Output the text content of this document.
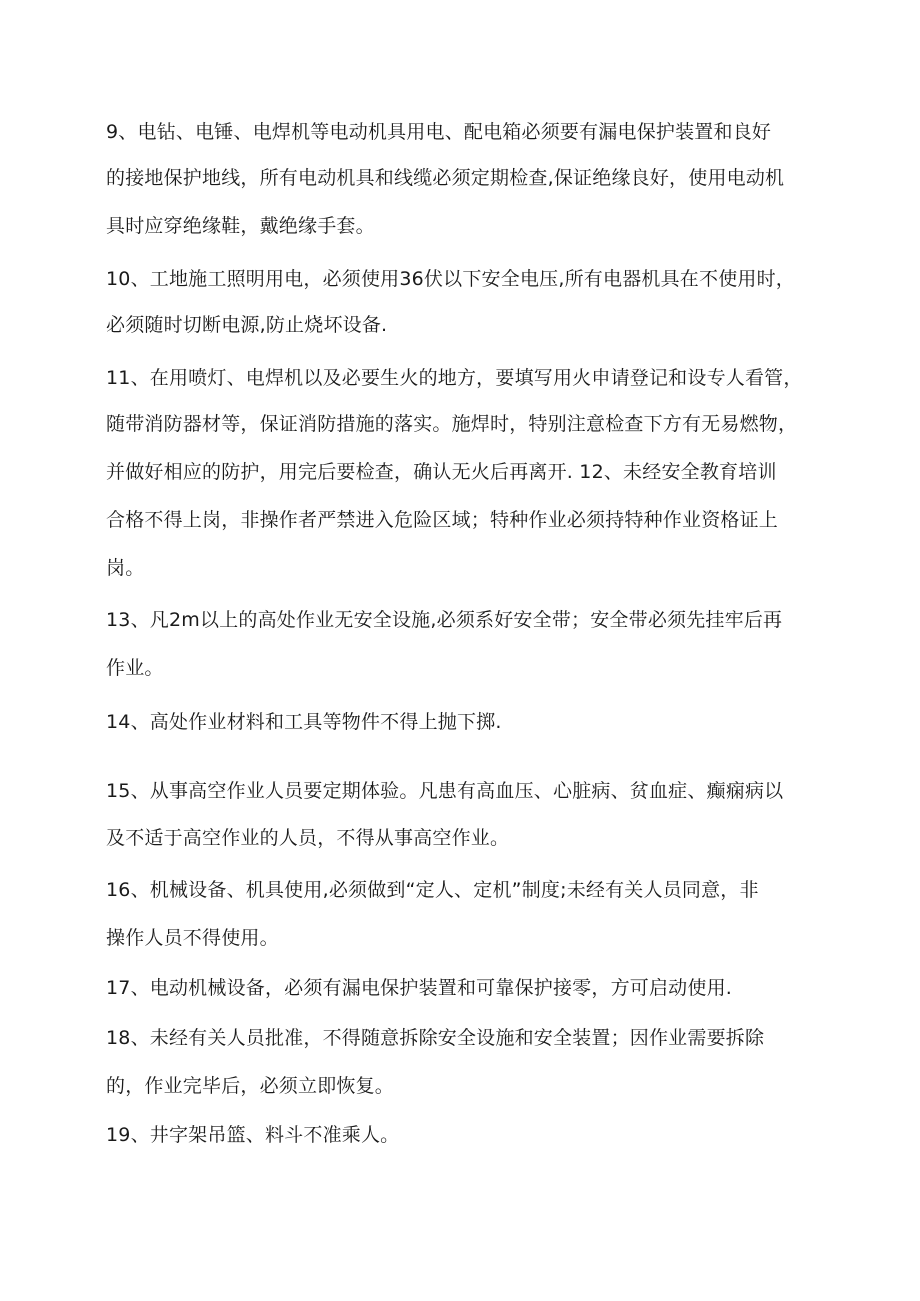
9、电钻、电锤、电焊机等电动机具用电、配电箱必须要有漏电保护装置和良好
的接地保护地线，所有电动机具和线缆必须定期检查,保证绝缘良好，使用电动机
具时应穿绝缘鞋，戴绝缘手套。
10、工地施工照明用电，必须使用36伏以下安全电压,所有电器机具在不使用时，
必须随时切断电源,防止烧坏设备.
11、在用喷灯、电焊机以及必要生火的地方，要填写用火申请登记和设专人看管，
随带消防器材等，保证消防措施的落实。施焊时，特别注意检查下方有无易燃物，
并做好相应的防护，用完后要检查，确认无火后再离开. 12、未经安全教育培训
合格不得上岗，非操作者严禁进入危险区域；特种作业必须持特种作业资格证上
岗。
13、凡2m以上的高处作业无安全设施,必须系好安全带；安全带必须先挂牢后再
作业。
14、高处作业材料和工具等物件不得上抛下掷.
15、从事高空作业人员要定期体验。凡患有高血压、心脏病、贫血症、癫痫病以
及不适于高空作业的人员，不得从事高空作业。
16、机械设备、机具使用,必须做到“定人、定机”制度;未经有关人员同意，非
操作人员不得使用。
17、电动机械设备，必须有漏电保护装置和可靠保护接零，方可启动使用.
18、未经有关人员批准，不得随意拆除安全设施和安全装置；因作业需要拆除
的，作业完毕后，必须立即恢复。
19、井字架吊篮、料斗不准乘人。
